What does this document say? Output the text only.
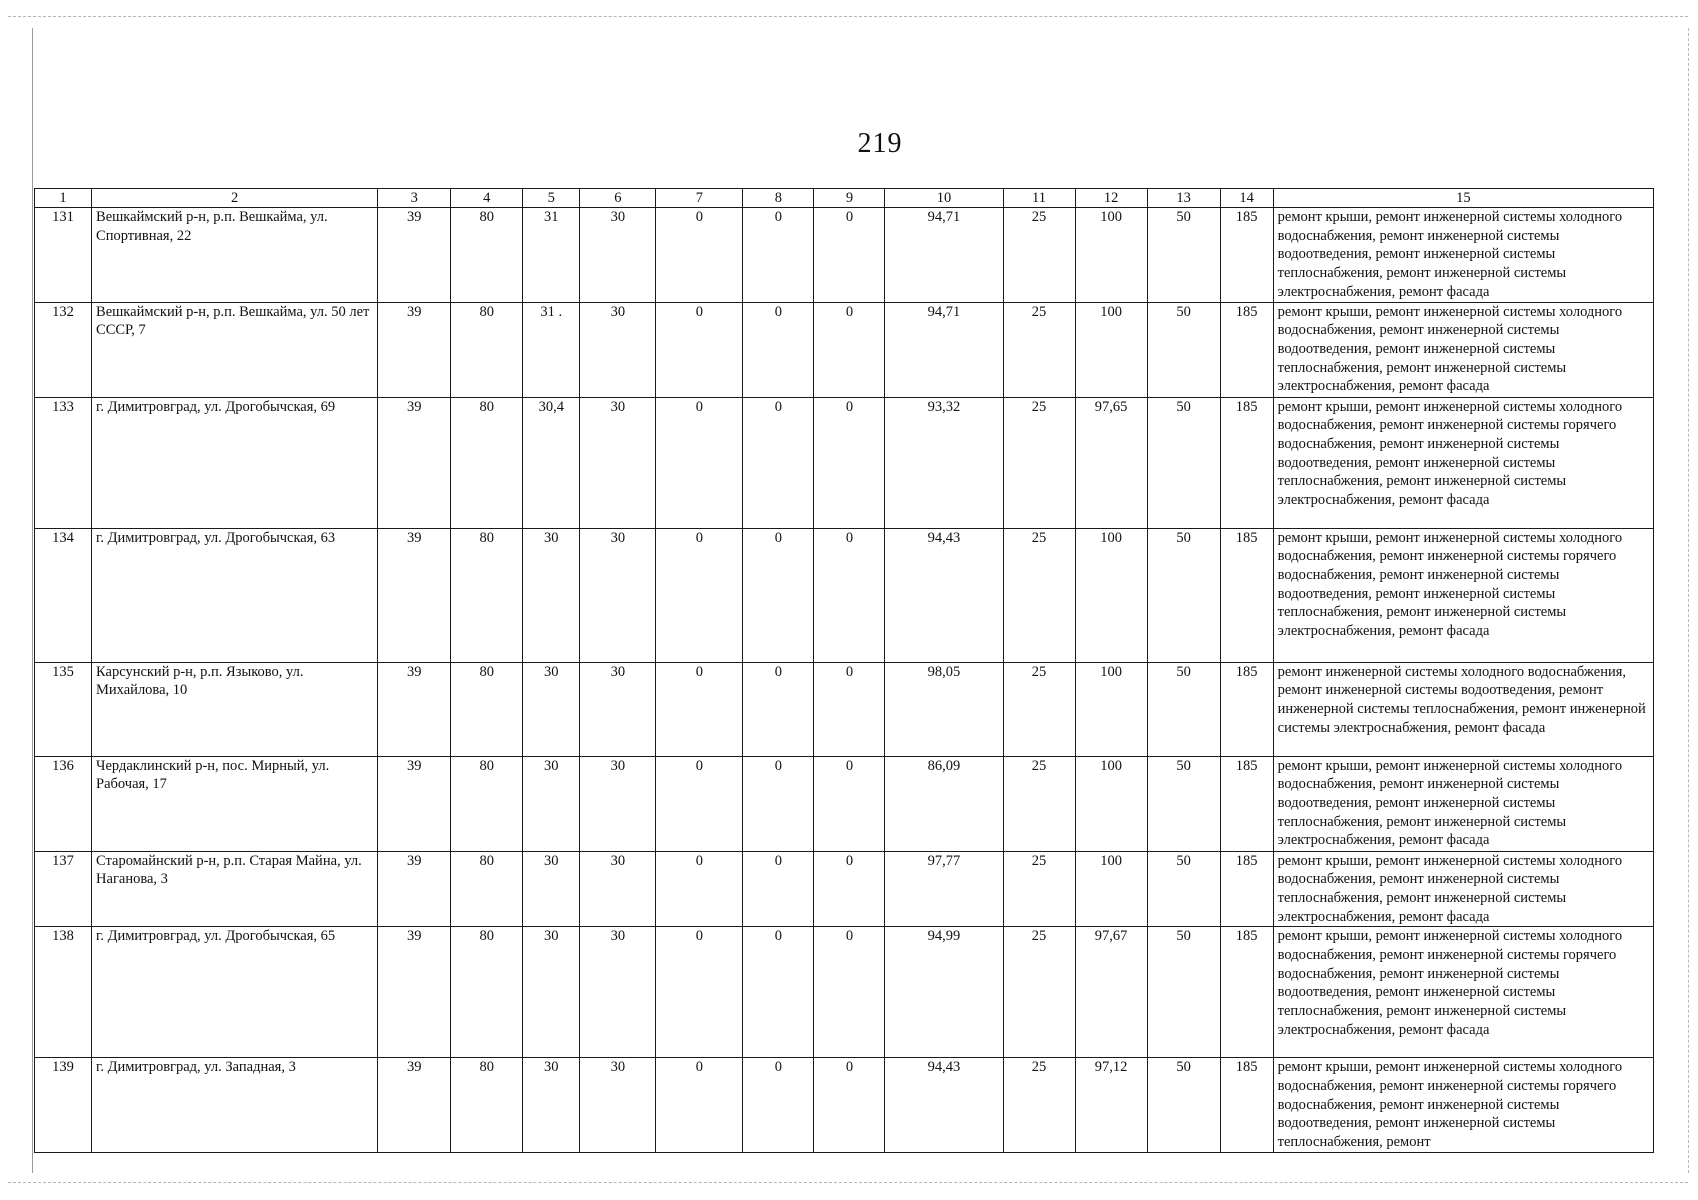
219
1	2	3	4	5	6	7	8	9	10	11	12	13	14	15
131	Вешкаймский р-н, р.п. Вешкайма, ул. Спортивная, 22	39	80	31	30	0	0	0	94,71	25	100	50	185	ремонт крыши, ремонт инженерной системы холодного водоснабжения, ремонт инженерной системы водоотведения, ремонт инженерной системы теплоснабжения, ремонт инженерной системы электроснабжения, ремонт фасада
132	Вешкаймский р-н, р.п. Вешкайма, ул. 50 лет СССР, 7	39	80	31 .	30	0	0	0	94,71	25	100	50	185	ремонт крыши, ремонт инженерной системы холодного водоснабжения, ремонт инженерной системы водоотведения, ремонт инженерной системы теплоснабжения, ремонт инженерной системы электроснабжения, ремонт фасада
133	г. Димитровград, ул. Дрогобычская, 69	39	80	30,4	30	0	0	0	93,32	25	97,65	50	185	ремонт крыши, ремонт инженерной системы холодного водоснабжения, ремонт инженерной системы горячего водоснабжения, ремонт инженерной системы водоотведения, ремонт инженерной системы теплоснабжения, ремонт инженерной системы электроснабжения, ремонт фасада
134	г. Димитровград, ул. Дрогобычская, 63	39	80	30	30	0	0	0	94,43	25	100	50	185	ремонт крыши, ремонт инженерной системы холодного водоснабжения, ремонт инженерной системы горячего водоснабжения, ремонт инженерной системы водоотведения, ремонт инженерной системы теплоснабжения, ремонт инженерной системы электроснабжения, ремонт фасада
135	Карсунский р-н, р.п. Языково, ул. Михайлова, 10	39	80	30	30	0	0	0	98,05	25	100	50	185	ремонт инженерной системы холодного водоснабжения, ремонт инженерной системы водоотведения, ремонт инженерной системы теплоснабжения, ремонт инженерной системы электроснабжения, ремонт фасада
136	Чердаклинский р-н, пос. Мирный, ул. Рабочая, 17	39	80	30	30	0	0	0	86,09	25	100	50	185	ремонт крыши, ремонт инженерной системы холодного водоснабжения, ремонт инженерной системы водоотведения, ремонт инженерной системы теплоснабжения, ремонт инженерной системы электроснабжения, ремонт фасада
137	Старомайнский р-н, р.п. Старая Майна, ул. Наганова, 3	39	80	30	30	0	0	0	97,77	25	100	50	185	ремонт крыши, ремонт инженерной системы холодного водоснабжения, ремонт инженерной системы теплоснабжения, ремонт инженерной системы электроснабжения, ремонт фасада
138	г. Димитровград, ул. Дрогобычская, 65	39	80	30	30	0	0	0	94,99	25	97,67	50	185	ремонт крыши, ремонт инженерной системы холодного водоснабжения, ремонт инженерной системы горячего водоснабжения, ремонт инженерной системы водоотведения, ремонт инженерной системы теплоснабжения, ремонт инженерной системы электроснабжения, ремонт фасада
139	г. Димитровград, ул. Западная, 3	39	80	30	30	0	0	0	94,43	25	97,12	50	185	ремонт крыши, ремонт инженерной системы холодного водоснабжения, ремонт инженерной системы горячего водоснабжения, ремонт инженерной системы водоотведения, ремонт инженерной системы теплоснабжения, ремонт
